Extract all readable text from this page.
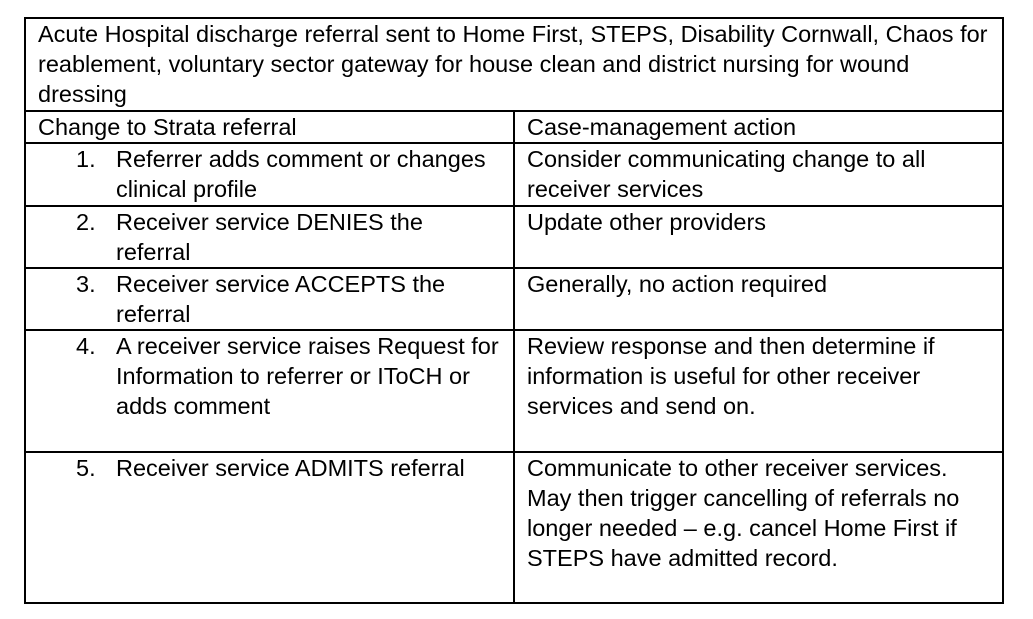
Acute Hospital discharge referral sent to Home First, STEPS, Disability Cornwall, Chaos for reablement, voluntary sector gateway for house clean and district nursing for wound dressing	
Change to Strata referral	Case-management action

1. Referrer adds comment or changes clinical profile	Consider communicating change to all receiver services

2. Receiver service DENIES the referral	Update other providers

3. Receiver service ACCEPTS the referral	Generally, no action required

4. A receiver service raises Request for Information to referrer or IToCH or adds comment	Review response and then determine if information is useful for other receiver services and send on.

5. Receiver service ADMITS referral	Communicate to other receiver services. May then trigger cancelling of referrals no longer needed – e.g. cancel Home First if STEPS have admitted record.
